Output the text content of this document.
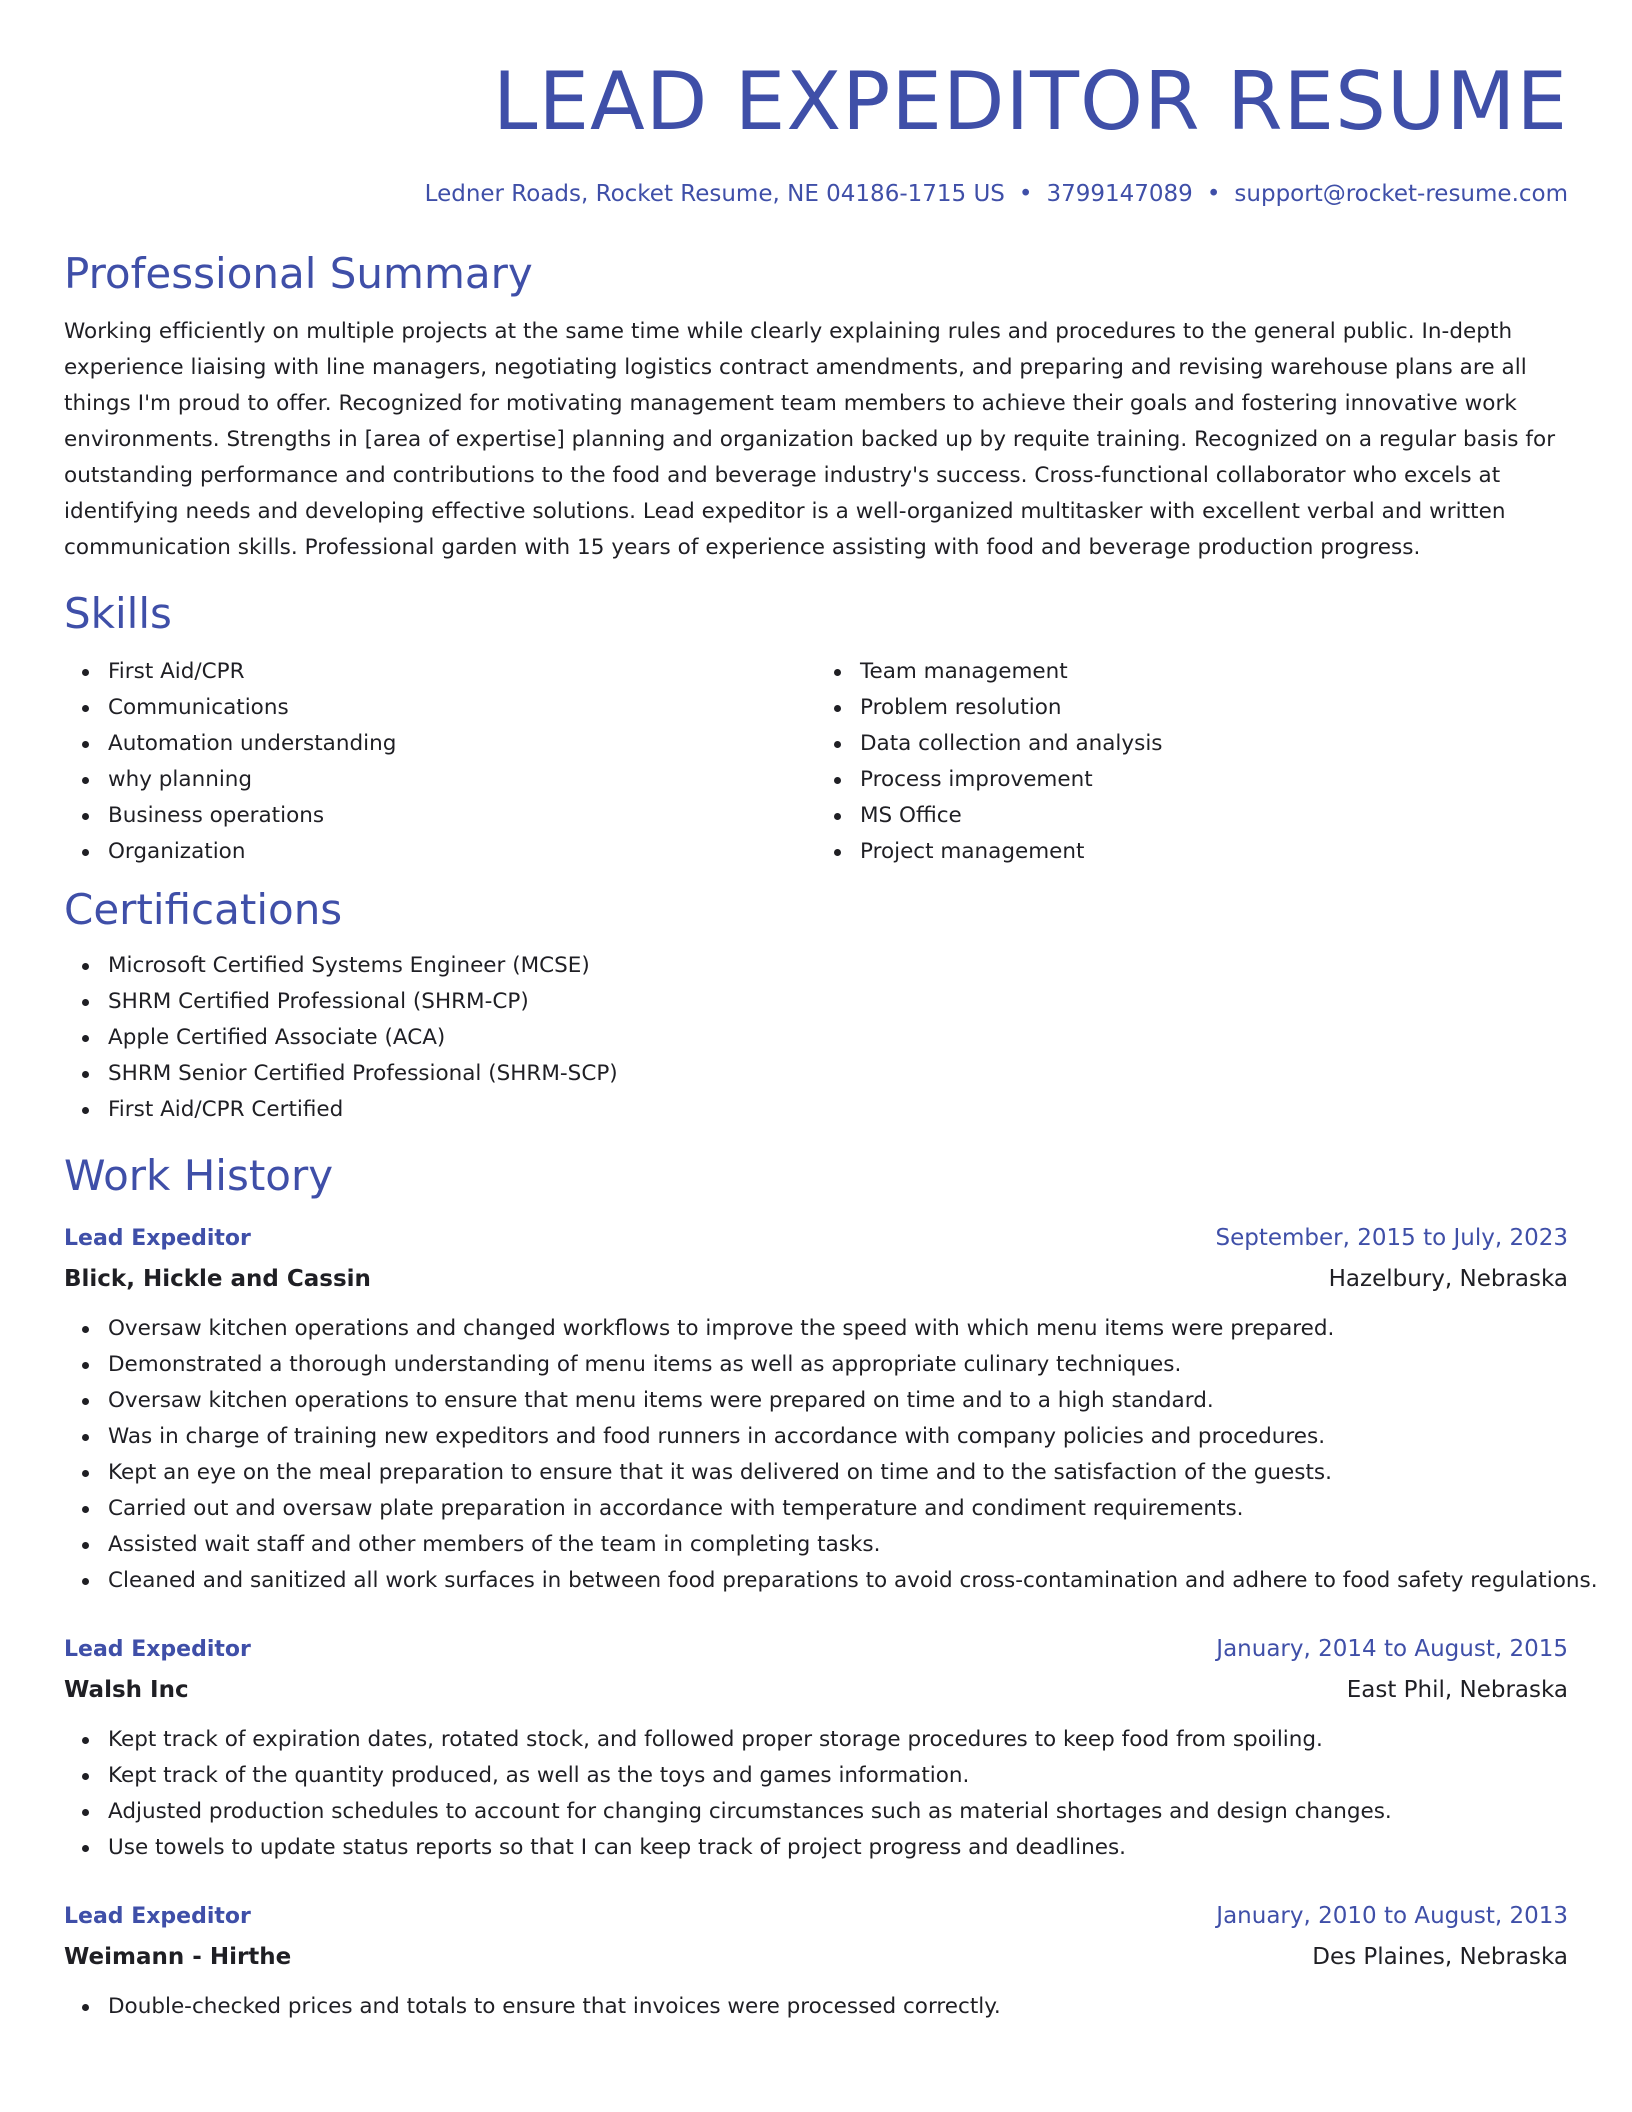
LEAD EXPEDITOR RESUME
Ledner Roads, Rocket Resume, NE 04186-1715 US • 3799147089 • support@rocket-resume.com
Professional Summary
Working efficiently on multiple projects at the same time while clearly explaining rules and procedures to the general public. In-depth experience liaising with line managers, negotiating logistics contract amendments, and preparing and revising warehouse plans are all things I'm proud to offer. Recognized for motivating management team members to achieve their goals and fostering innovative work environments. Strengths in [area of expertise] planning and organization backed up by requite training. Recognized on a regular basis for outstanding performance and contributions to the food and beverage industry's success. Cross-functional collaborator who excels at identifying needs and developing effective solutions. Lead expeditor is a well-organized multitasker with excellent verbal and written communication skills. Professional garden with 15 years of experience assisting with food and beverage production progress.
Skills
First Aid/CPR
Communications
Automation understanding
why planning
Business operations
Organization
Team management
Problem resolution
Data collection and analysis
Process improvement
MS Office
Project management
Certifications
Microsoft Certified Systems Engineer (MCSE)
SHRM Certified Professional (SHRM-CP)
Apple Certified Associate (ACA)
SHRM Senior Certified Professional (SHRM-SCP)
First Aid/CPR Certified
Work History
Lead Expeditor	September, 2015 to July, 2023
Blick, Hickle and Cassin	Hazelbury, Nebraska
Oversaw kitchen operations and changed workflows to improve the speed with which menu items were prepared.
Demonstrated a thorough understanding of menu items as well as appropriate culinary techniques.
Oversaw kitchen operations to ensure that menu items were prepared on time and to a high standard.
Was in charge of training new expeditors and food runners in accordance with company policies and procedures.
Kept an eye on the meal preparation to ensure that it was delivered on time and to the satisfaction of the guests.
Carried out and oversaw plate preparation in accordance with temperature and condiment requirements.
Assisted wait staff and other members of the team in completing tasks.
Cleaned and sanitized all work surfaces in between food preparations to avoid cross-contamination and adhere to food safety regulations.
Lead Expeditor	January, 2014 to August, 2015
Walsh Inc	East Phil, Nebraska
Kept track of expiration dates, rotated stock, and followed proper storage procedures to keep food from spoiling.
Kept track of the quantity produced, as well as the toys and games information.
Adjusted production schedules to account for changing circumstances such as material shortages and design changes.
Use towels to update status reports so that I can keep track of project progress and deadlines.
Lead Expeditor	January, 2010 to August, 2013
Weimann - Hirthe	Des Plaines, Nebraska
Double-checked prices and totals to ensure that invoices were processed correctly.
